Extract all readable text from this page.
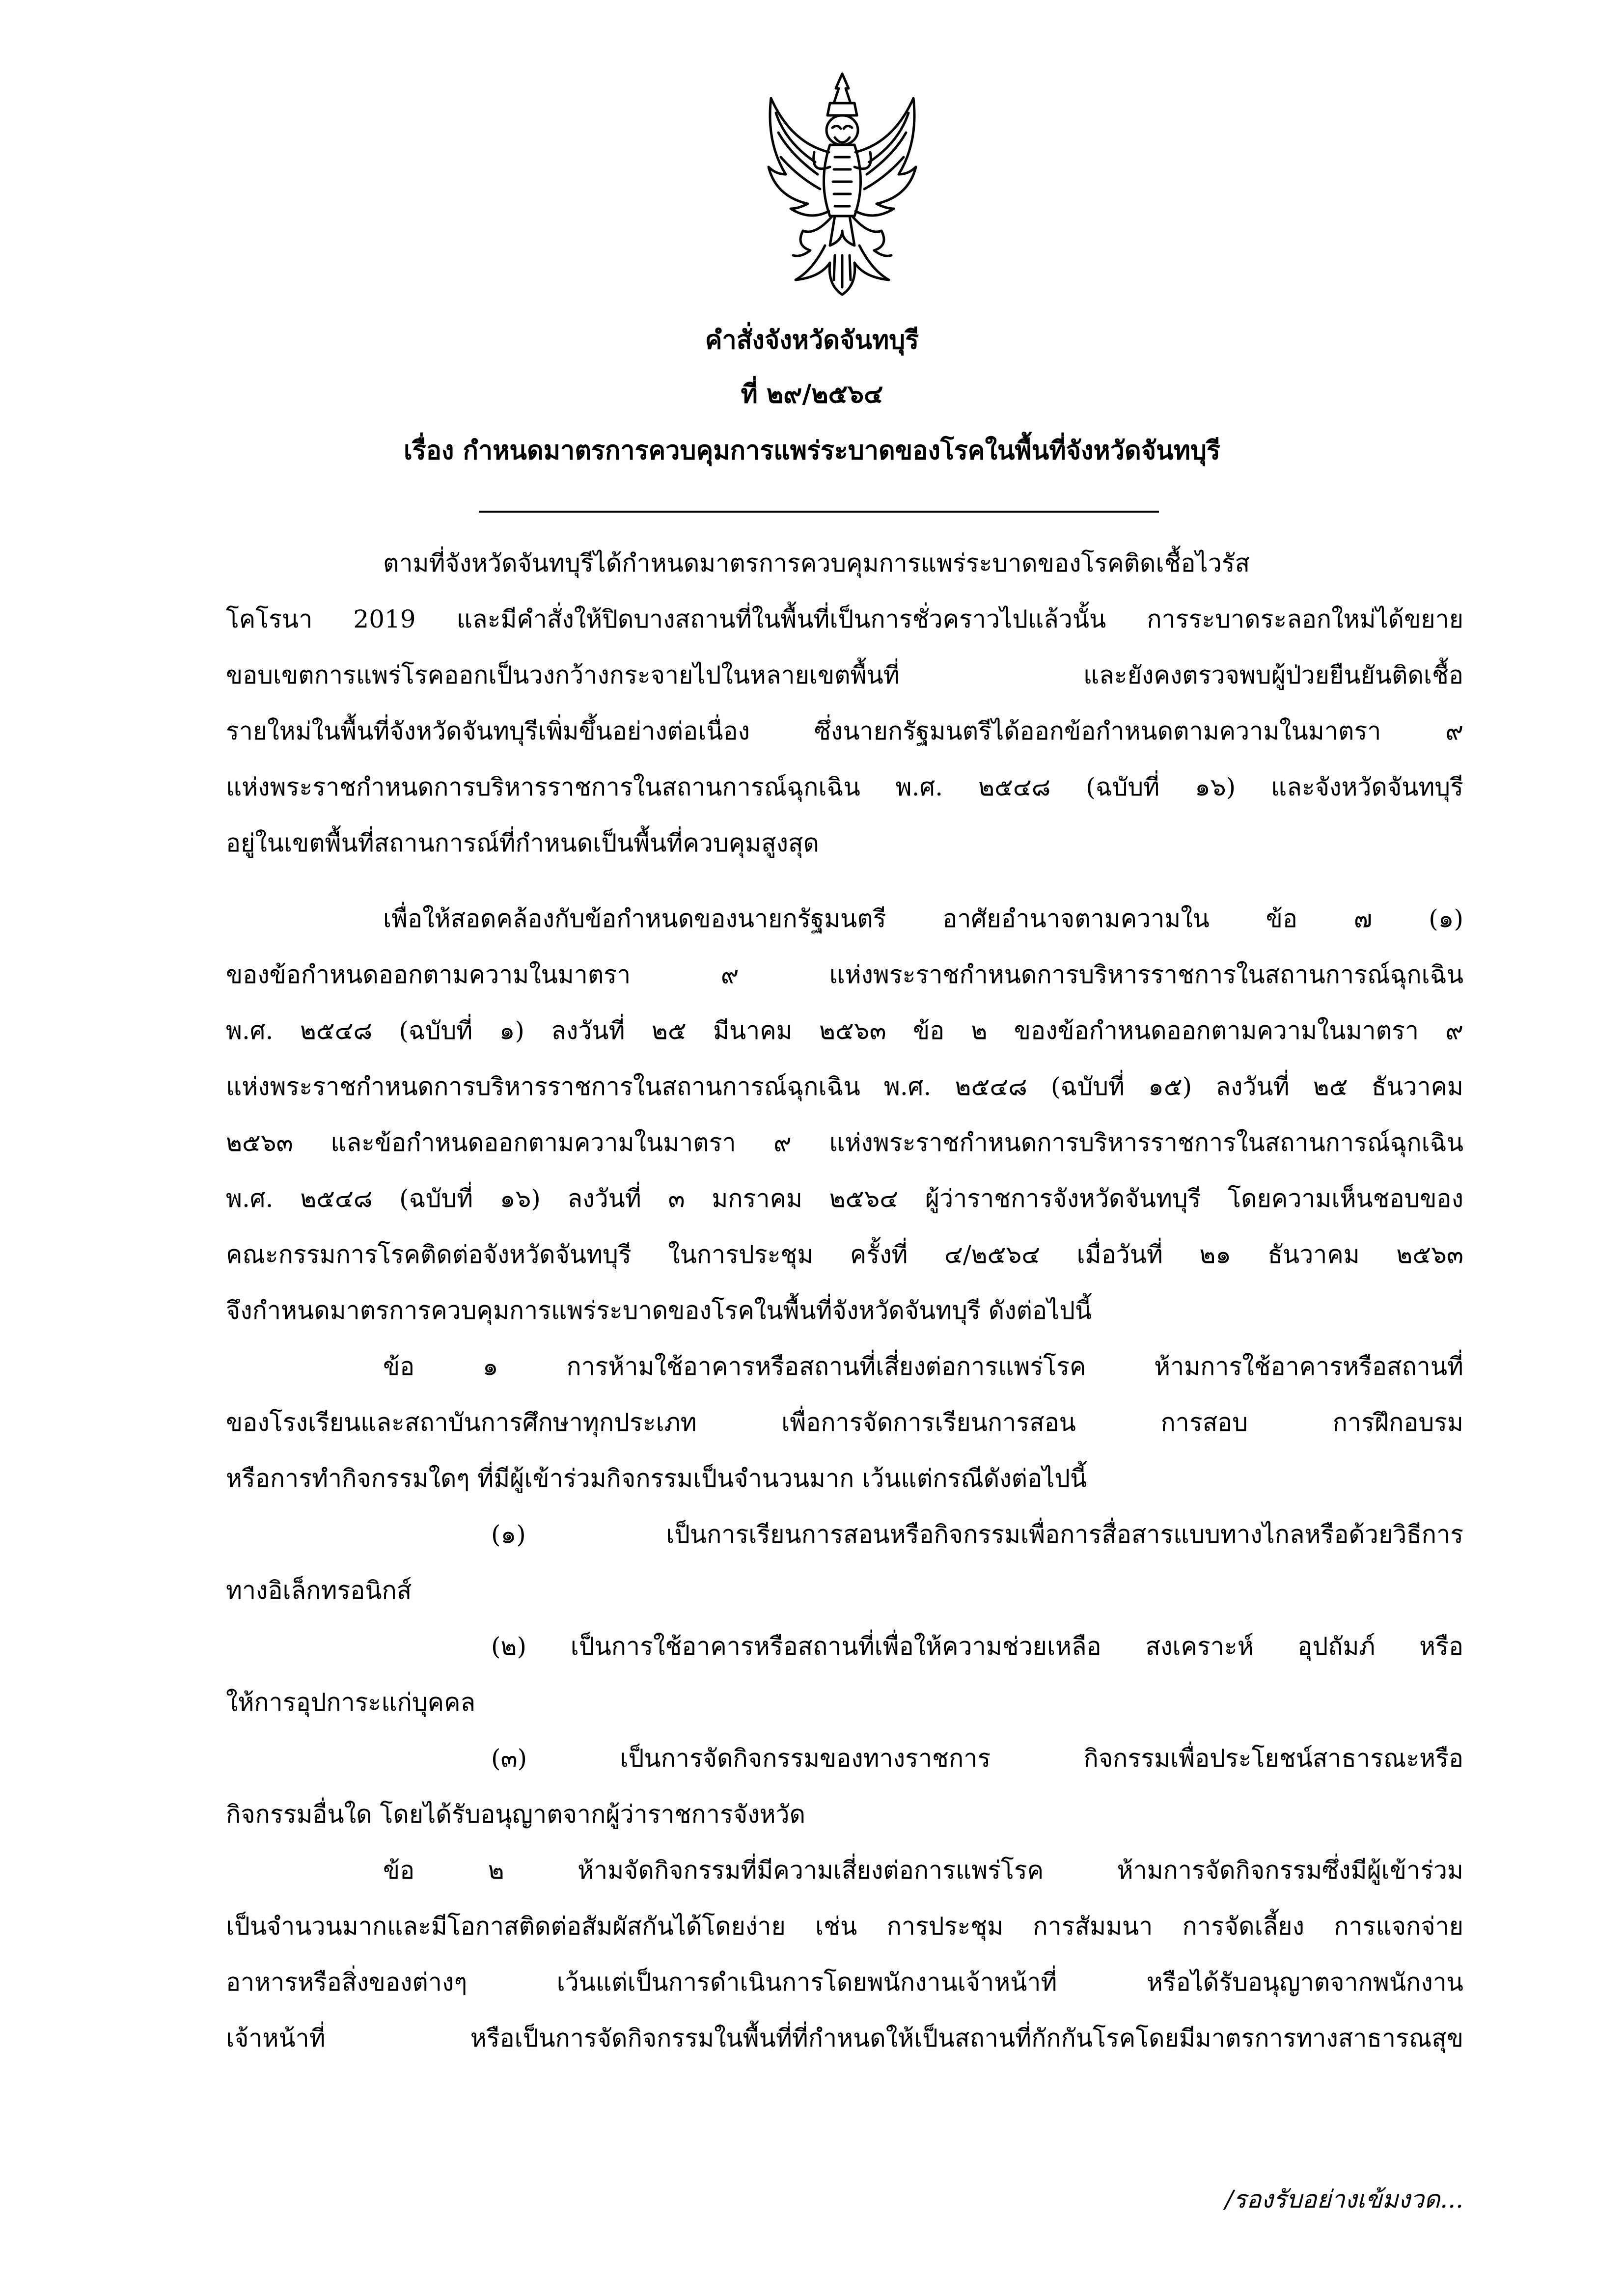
คำสั่งจังหวัดจันทบุรี
ที่ ๒๙/๒๕๖๔
เรื่อง กำหนดมาตรการควบคุมการแพร่ระบาดของโรคในพื้นที่จังหวัดจันทบุรี
ตามที่จังหวัดจันทบุรีได้กำหนดมาตรการควบคุมการแพร่ระบาดของโรคติดเชื้อไวรัส
โคโรนา 2019 และมีคำสั่งให้ปิดบางสถานที่ในพื้นที่เป็นการชั่วคราวไปแล้วนั้น การระบาดระลอกใหม่ได้ขยาย
ขอบเขตการแพร่โรคออกเป็นวงกว้างกระจายไปในหลายเขตพื้นที่ และยังคงตรวจพบผู้ป่วยยืนยันติดเชื้อ
รายใหม่ในพื้นที่จังหวัดจันทบุรีเพิ่มขึ้นอย่างต่อเนื่อง ซึ่งนายกรัฐมนตรีได้ออกข้อกำหนดตามความในมาตรา ๙
แห่งพระราชกำหนดการบริหารราชการในสถานการณ์ฉุกเฉิน พ.ศ. ๒๕๔๘ (ฉบับที่ ๑๖) และจังหวัดจันทบุรี
อยู่ในเขตพื้นที่สถานการณ์ที่กำหนดเป็นพื้นที่ควบคุมสูงสุด
เพื่อให้สอดคล้องกับข้อกำหนดของนายกรัฐมนตรี อาศัยอำนาจตามความใน ข้อ ๗ (๑)
ของข้อกำหนดออกตามความในมาตรา ๙ แห่งพระราชกำหนดการบริหารราชการในสถานการณ์ฉุกเฉิน
พ.ศ. ๒๕๔๘ (ฉบับที่ ๑) ลงวันที่ ๒๕ มีนาคม ๒๕๖๓ ข้อ ๒ ของข้อกำหนดออกตามความในมาตรา ๙
แห่งพระราชกำหนดการบริหารราชการในสถานการณ์ฉุกเฉิน พ.ศ. ๒๕๔๘ (ฉบับที่ ๑๕) ลงวันที่ ๒๕ ธันวาคม
๒๕๖๓ และข้อกำหนดออกตามความในมาตรา ๙ แห่งพระราชกำหนดการบริหารราชการในสถานการณ์ฉุกเฉิน
พ.ศ. ๒๕๔๘ (ฉบับที่ ๑๖) ลงวันที่ ๓ มกราคม ๒๕๖๔ ผู้ว่าราชการจังหวัดจันทบุรี โดยความเห็นชอบของ
คณะกรรมการโรคติดต่อจังหวัดจันทบุรี ในการประชุม ครั้งที่ ๔/๒๕๖๔ เมื่อวันที่ ๒๑ ธันวาคม ๒๕๖๓
จึงกำหนดมาตรการควบคุมการแพร่ระบาดของโรคในพื้นที่จังหวัดจันทบุรี ดังต่อไปนี้
ข้อ ๑ การห้ามใช้อาคารหรือสถานที่เสี่ยงต่อการแพร่โรค ห้ามการใช้อาคารหรือสถานที่
ของโรงเรียนและสถาบันการศึกษาทุกประเภท เพื่อการจัดการเรียนการสอน การสอบ การฝึกอบรม
หรือการทำกิจกรรมใดๆ ที่มีผู้เข้าร่วมกิจกรรมเป็นจำนวนมาก เว้นแต่กรณีดังต่อไปนี้
(๑) เป็นการเรียนการสอนหรือกิจกรรมเพื่อการสื่อสารแบบทางไกลหรือด้วยวิธีการ
ทางอิเล็กทรอนิกส์
(๒) เป็นการใช้อาคารหรือสถานที่เพื่อให้ความช่วยเหลือ สงเคราะห์ อุปถัมภ์ หรือ
ให้การอุปการะแก่บุคคล
(๓) เป็นการจัดกิจกรรมของทางราชการ กิจกรรมเพื่อประโยชน์สาธารณะหรือ
กิจกรรมอื่นใด โดยได้รับอนุญาตจากผู้ว่าราชการจังหวัด
ข้อ ๒ ห้ามจัดกิจกรรมที่มีความเสี่ยงต่อการแพร่โรค ห้ามการจัดกิจกรรมซึ่งมีผู้เข้าร่วม
เป็นจำนวนมากและมีโอกาสติดต่อสัมผัสกันได้โดยง่าย เช่น การประชุม การสัมมนา การจัดเลี้ยง การแจกจ่าย
อาหารหรือสิ่งของต่างๆ เว้นแต่เป็นการดำเนินการโดยพนักงานเจ้าหน้าที่ หรือได้รับอนุญาตจากพนักงาน
เจ้าหน้าที่ หรือเป็นการจัดกิจกรรมในพื้นที่ที่กำหนดให้เป็นสถานที่กักกันโรคโดยมีมาตรการทางสาธารณสุข
/รองรับอย่างเข้มงวด...
